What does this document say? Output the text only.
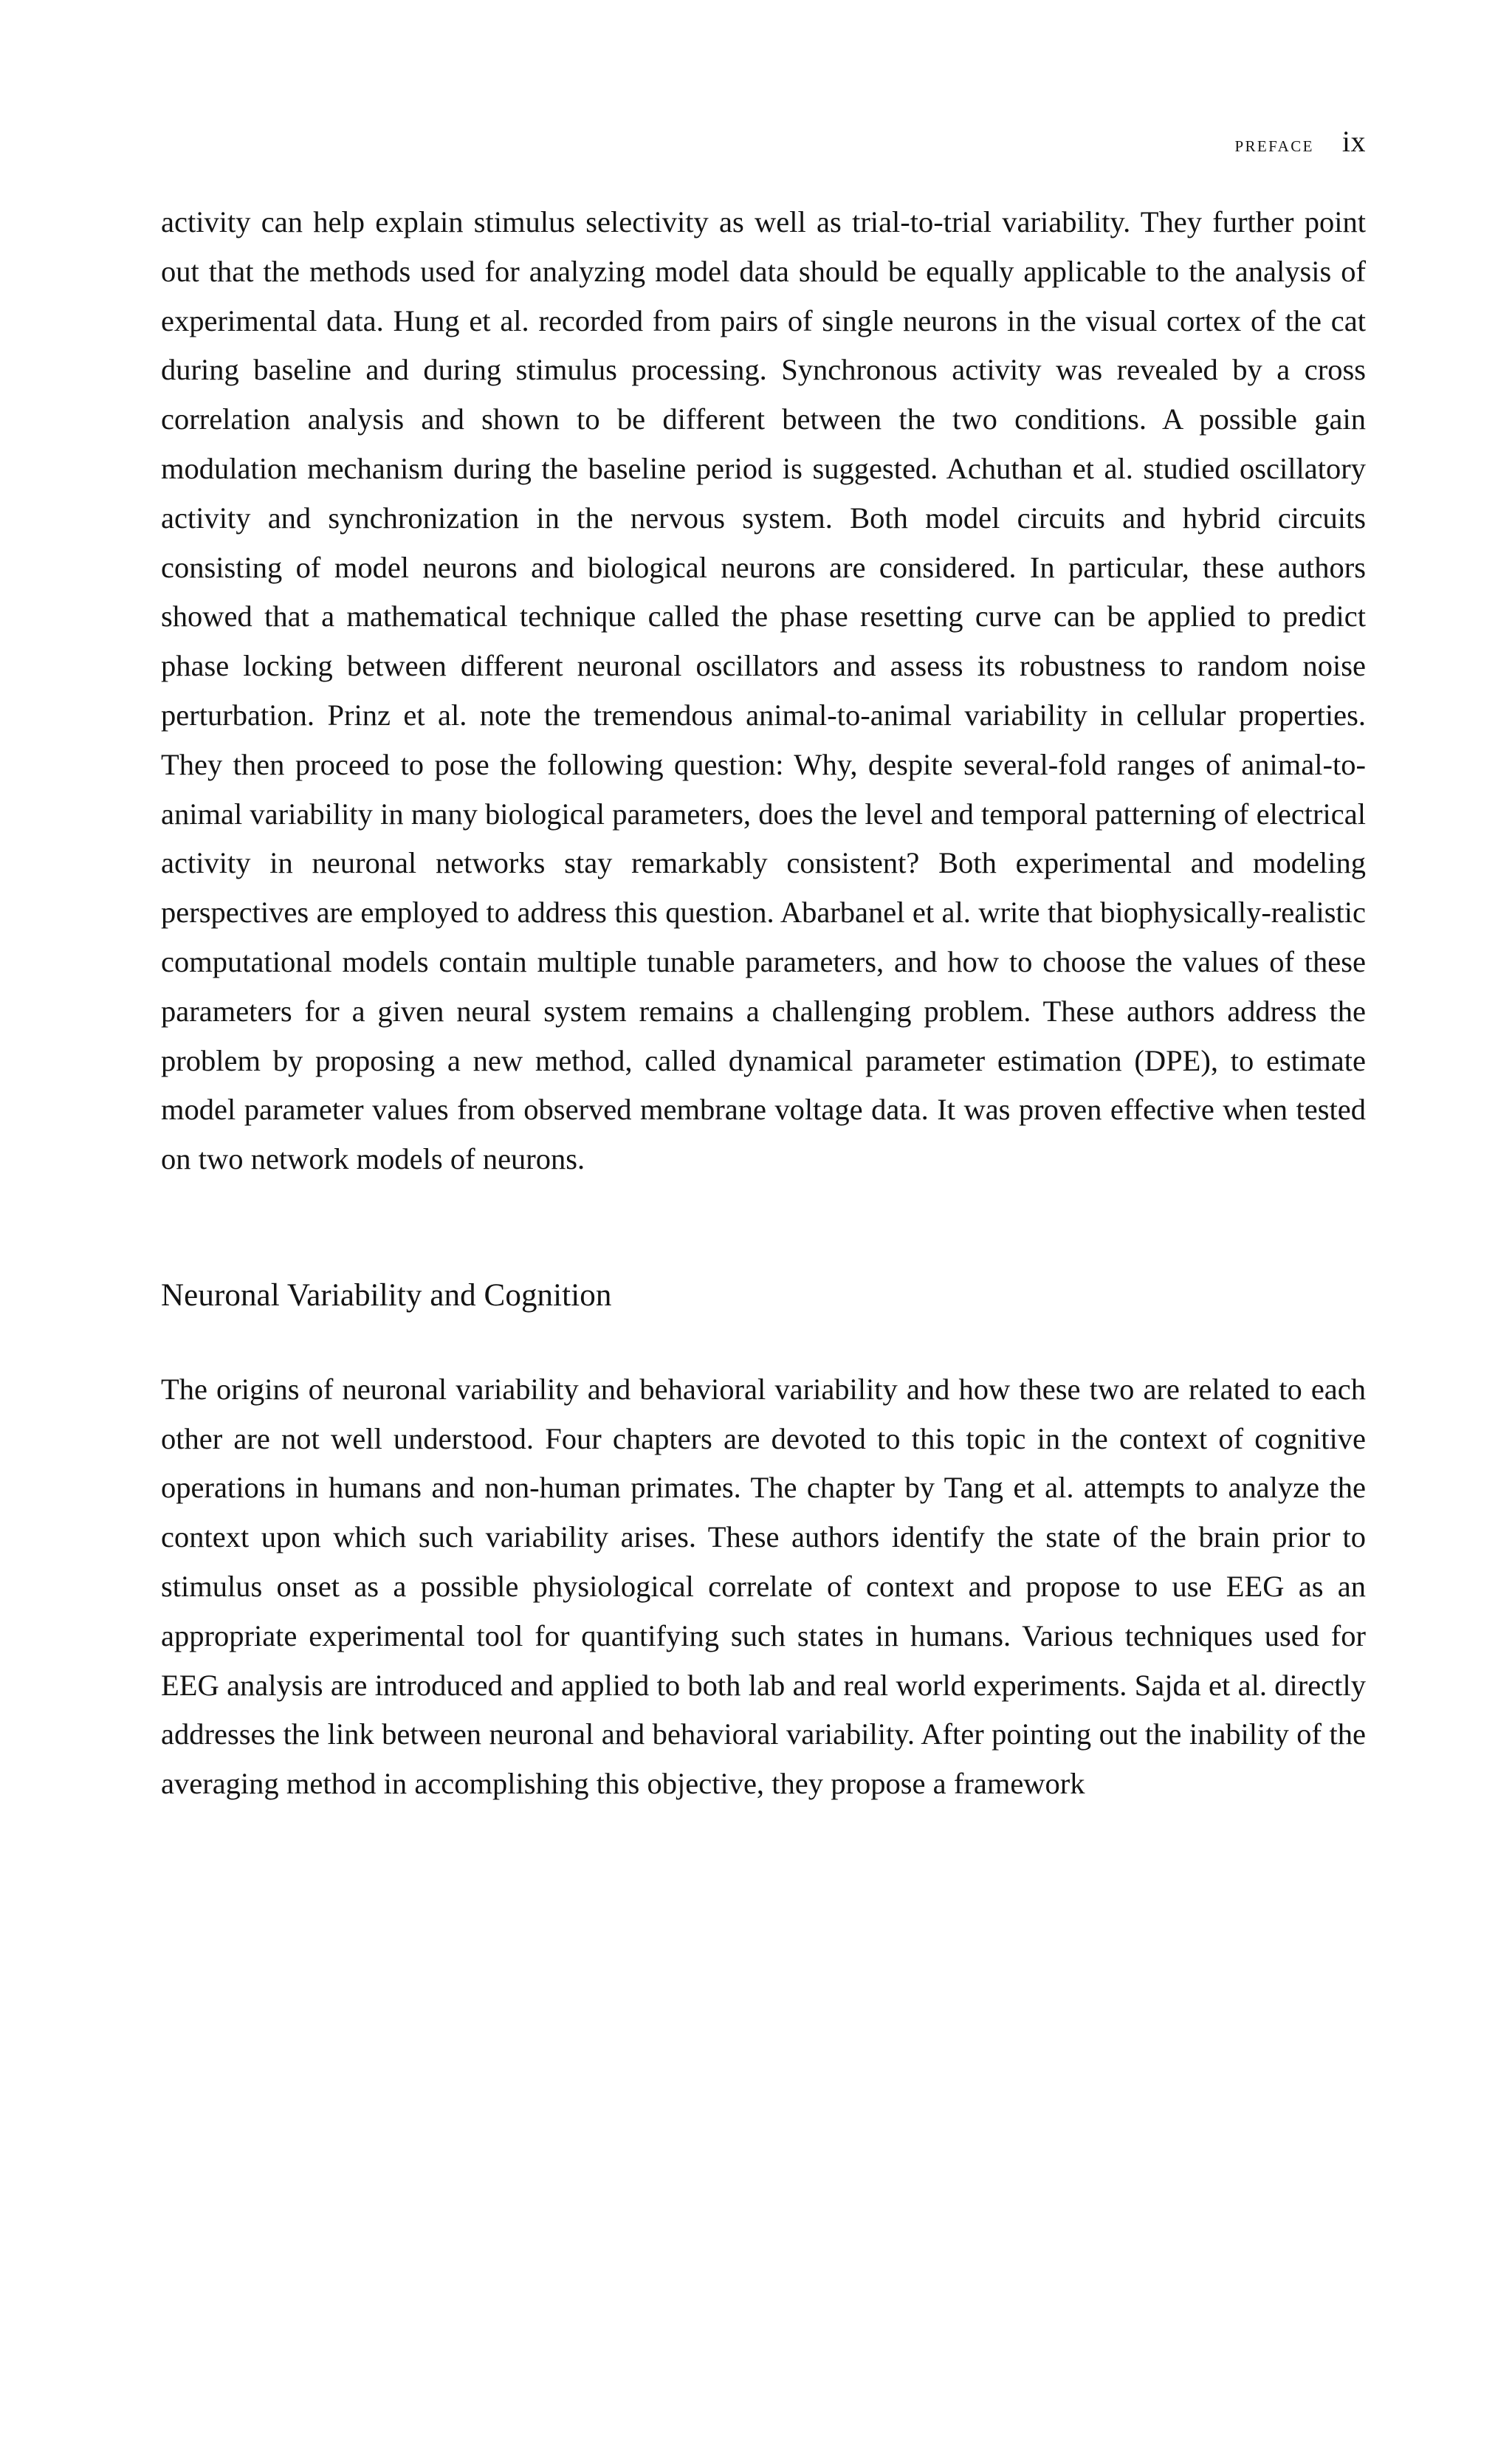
preface ix

activity can help explain stimulus selectivity as well as trial-to-trial variability. They further point out that the methods used for analyzing model data should be equally applicable to the analysis of experimental data. Hung et al. recorded from pairs of single neurons in the visual cortex of the cat during baseline and during stimulus processing. Synchronous activity was revealed by a cross correlation analysis and shown to be different between the two conditions. A possible gain modulation mechanism during the baseline period is suggested. Achuthan et al. studied oscillatory activity and synchronization in the nervous system. Both model circuits and hybrid circuits consisting of model neurons and biological neurons are considered. In particular, these authors showed that a mathematical technique called the phase resetting curve can be applied to predict phase locking between different neuronal oscillators and assess its robustness to random noise perturbation. Prinz et al. note the tremendous animal-to-animal variability in cellular properties. They then proceed to pose the following question: Why, despite several-fold ranges of animal-to-animal variability in many biological parameters, does the level and temporal patterning of electrical activity in neuronal networks stay remarkably consistent? Both experimental and modeling perspectives are employed to address this question. Abarbanel et al. write that biophysically-realistic computational models contain multiple tunable parameters, and how to choose the values of these parameters for a given neural system remains a challenging problem. These authors address the problem by proposing a new method, called dynamical parameter estimation (DPE), to estimate model parameter values from observed membrane voltage data. It was proven effective when tested on two network models of neurons.

Neuronal Variability and Cognition

The origins of neuronal variability and behavioral variability and how these two are related to each other are not well understood. Four chapters are devoted to this topic in the context of cognitive operations in humans and non-human primates. The chapter by Tang et al. attempts to analyze the context upon which such variability arises. These authors identify the state of the brain prior to stimulus onset as a possible physiological correlate of context and propose to use EEG as an appropriate experimental tool for quantifying such states in humans. Various techniques used for EEG analysis are introduced and applied to both lab and real world experiments. Sajda et al. directly addresses the link between neuronal and behavioral variability. After pointing out the inability of the averaging method in accomplishing this objective, they propose a framework
